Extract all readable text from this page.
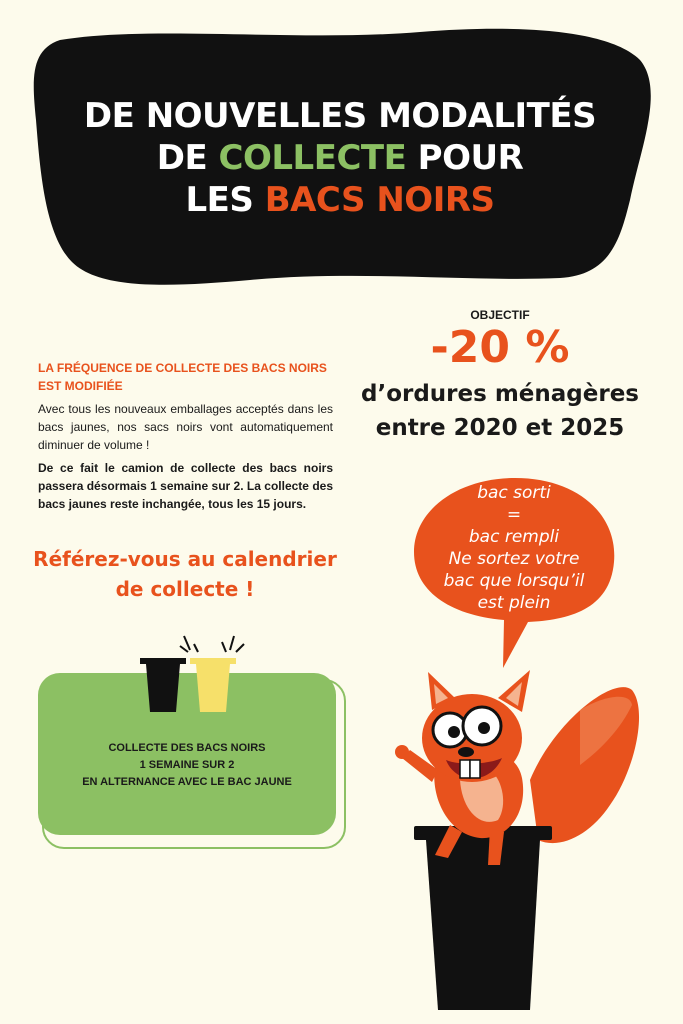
DE NOUVELLES MODALITÉS
DE COLLECTE POUR
LES BACS NOIRS
OBJECTIF
-20 %
d’ordures ménagères
entre 2020 et 2025
LA FRÉQUENCE DE COLLECTE DES BACS NOIRS EST MODIFIÉE
Avec tous les nouveaux emballages acceptés dans les bacs jaunes, nos sacs noirs vont automatiquement diminuer de volume !
De ce fait le camion de collecte des bacs noirs passera désormais 1 semaine sur 2. La collecte des bacs jaunes reste inchangée, tous les 15 jours.
Référez-vous au calendrier
de collecte !
COLLECTE DES BACS NOIRS
1 SEMAINE SUR 2
EN ALTERNANCE AVEC LE BAC JAUNE
bac sorti
=
bac rempli
Ne sortez votre
bac que lorsqu’il
est plein
